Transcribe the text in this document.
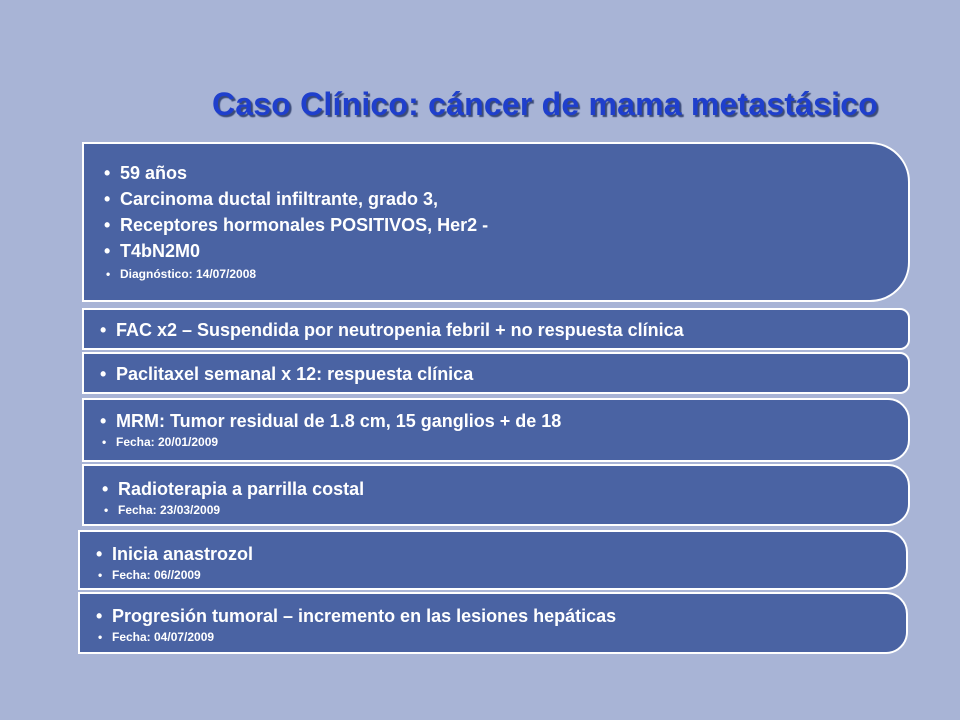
Caso Clínico: cáncer de mama metastásico
• 59 años
• Carcinoma ductal infiltrante, grado 3,
• Receptores hormonales POSITIVOS, Her2 -
• T4bN2M0
• Diagnóstico: 14/07/2008
• FAC x2 – Suspendida por neutropenia febril + no respuesta clínica
• Paclitaxel semanal x 12: respuesta clínica
• MRM: Tumor residual de 1.8 cm, 15 ganglios + de 18
• Fecha: 20/01/2009
• Radioterapia a parrilla costal
• Fecha: 23/03/2009
• Inicia anastrozol
• Fecha: 06//2009
• Progresión tumoral – incremento en las lesiones hepáticas
• Fecha: 04/07/2009
